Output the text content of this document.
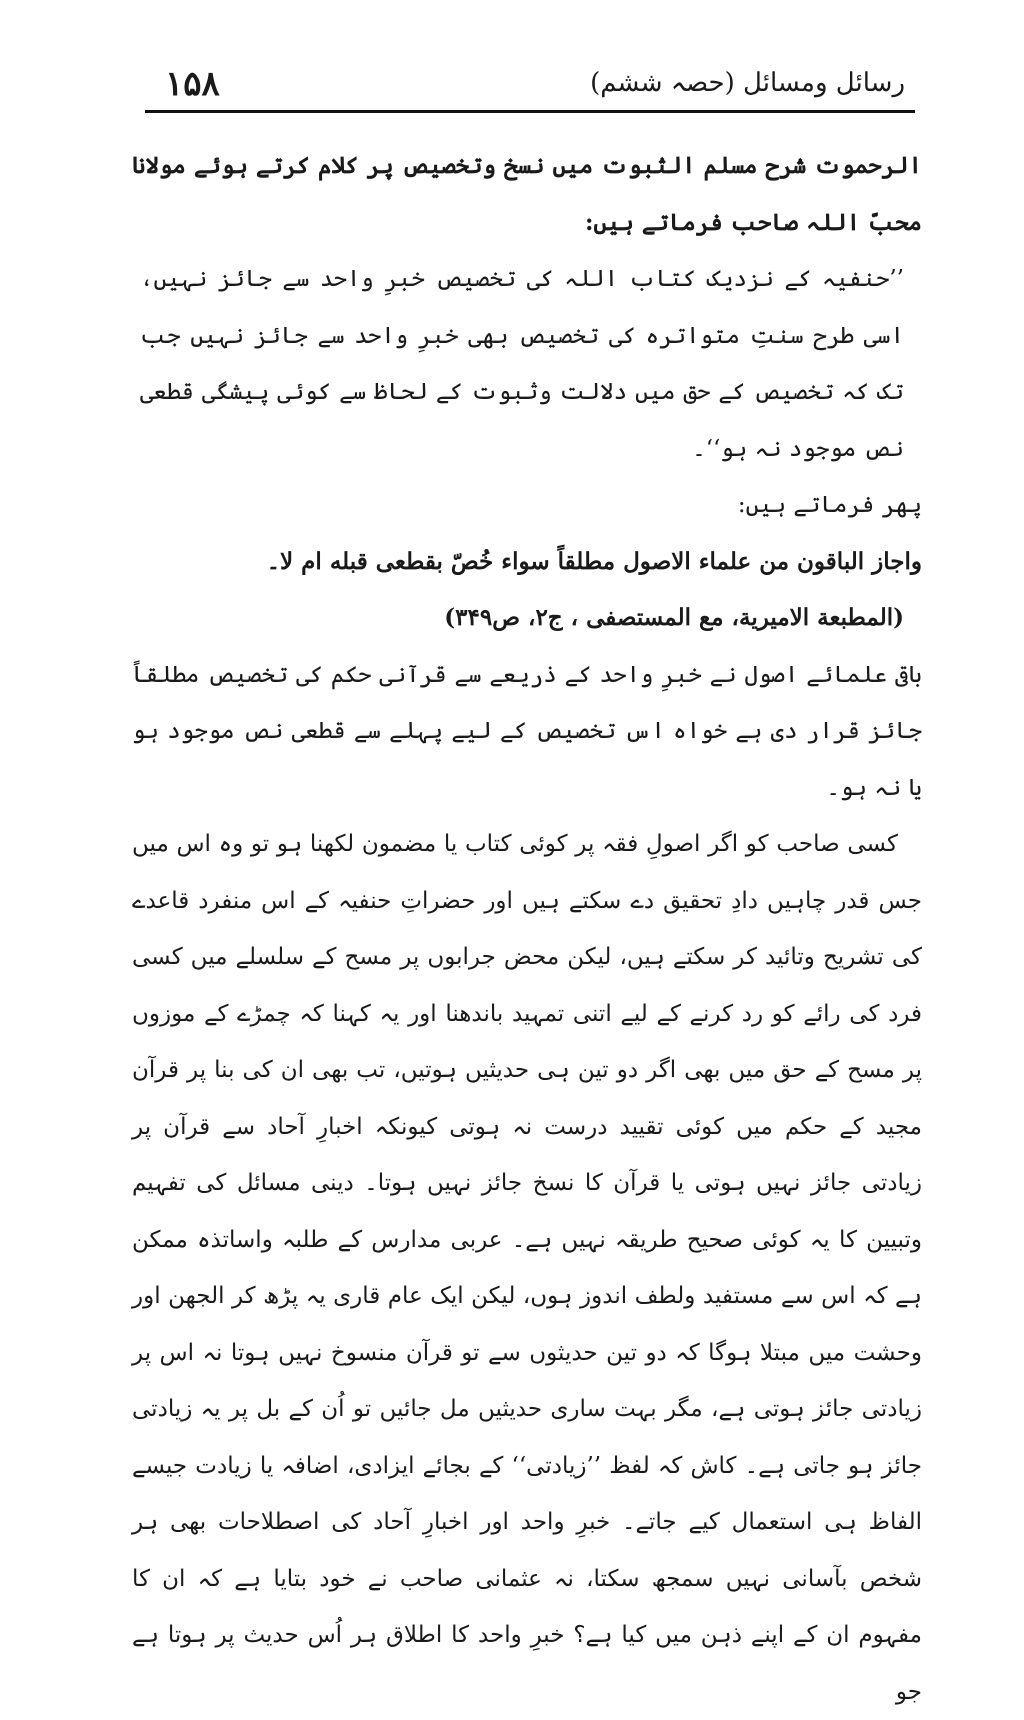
۱۵۸	رسائل ومسائل (حصہ ششم)

الرحموت شرح مسلم الثبوت میں نسخ وتخصیص پر کلام کرتے ہوئے مولانا محبّ اللہ صاحب فرماتے ہیں:

’’حنفیہ کے نزدیک کتاب اللہ کی تخصیص خبرِ واحد سے جائز نہیں، اسی طرح سنتِ متواترہ کی تخصیص بھی خبرِ واحد سے جائز نہیں جب تک کہ تخصیص کے حق میں دلالت وثبوت کے لحاظ سے کوئی پیشگی قطعی نص موجود نہ ہو‘‘۔

پھر فرماتے ہیں:

واجاز الباقون من علماء الاصول مطلقاً سواء خُصّ بقطعی قبله ام لا۔

(المطبعة الاميرية، مع المستصفى ، ج۲، ص۳۴۹)

باقی علمائے اصول نے خبرِ واحد کے ذریعے سے قرآنی حکم کی تخصیص مطلقاً جائز قرار دی ہے خواہ اس تخصیص کے لیے پہلے سے قطعی نص موجود ہو یا نہ ہو۔

کسی صاحب کو اگر اصولِ فقہ پر کوئی کتاب یا مضمون لکھنا ہو تو وہ اس میں جس قدر چاہیں دادِ تحقیق دے سکتے ہیں اور حضراتِ حنفیہ کے اس منفرد قاعدے کی تشریح وتائید کر سکتے ہیں، لیکن محض جرابوں پر مسح کے سلسلے میں کسی فرد کی رائے کو رد کرنے کے لیے اتنی تمہید باندھنا اور یہ کہنا کہ چمڑے کے موزوں پر مسح کے حق میں بھی اگر دو تین ہی حدیثیں ہوتیں، تب بھی ان کی بنا پر قرآن مجید کے حکم میں کوئی تقیید درست نہ ہوتی کیونکہ اخبارِ آحاد سے قرآن پر زیادتی جائز نہیں ہوتی یا قرآن کا نسخ جائز نہیں ہوتا۔ دینی مسائل کی تفہیم وتبیین کا یہ کوئی صحیح طریقہ نہیں ہے۔ عربی مدارس کے طلبہ واساتذہ ممکن ہے کہ اس سے مستفید ولطف اندوز ہوں، لیکن ایک عام قاری یہ پڑھ کر الجھن اور وحشت میں مبتلا ہوگا کہ دو تین حدیثوں سے تو قرآن منسوخ نہیں ہوتا نہ اس پر زیادتی جائز ہوتی ہے، مگر بہت ساری حدیثیں مل جائیں تو اُن کے بل پر یہ زیادتی جائز ہو جاتی ہے۔ کاش کہ لفظ ’’زیادتی‘‘ کے بجائے ایزادی، اضافہ یا زیادت جیسے الفاظ ہی استعمال کیے جاتے۔ خبرِ واحد اور اخبارِ آحاد کی اصطلاحات بھی ہر شخص بآسانی نہیں سمجھ سکتا، نہ عثمانی صاحب نے خود بتایا ہے کہ ان کا مفہوم ان کے اپنے ذہن میں کیا ہے؟ خبرِ واحد کا اطلاق ہر اُس حدیث پر ہوتا ہے جو
